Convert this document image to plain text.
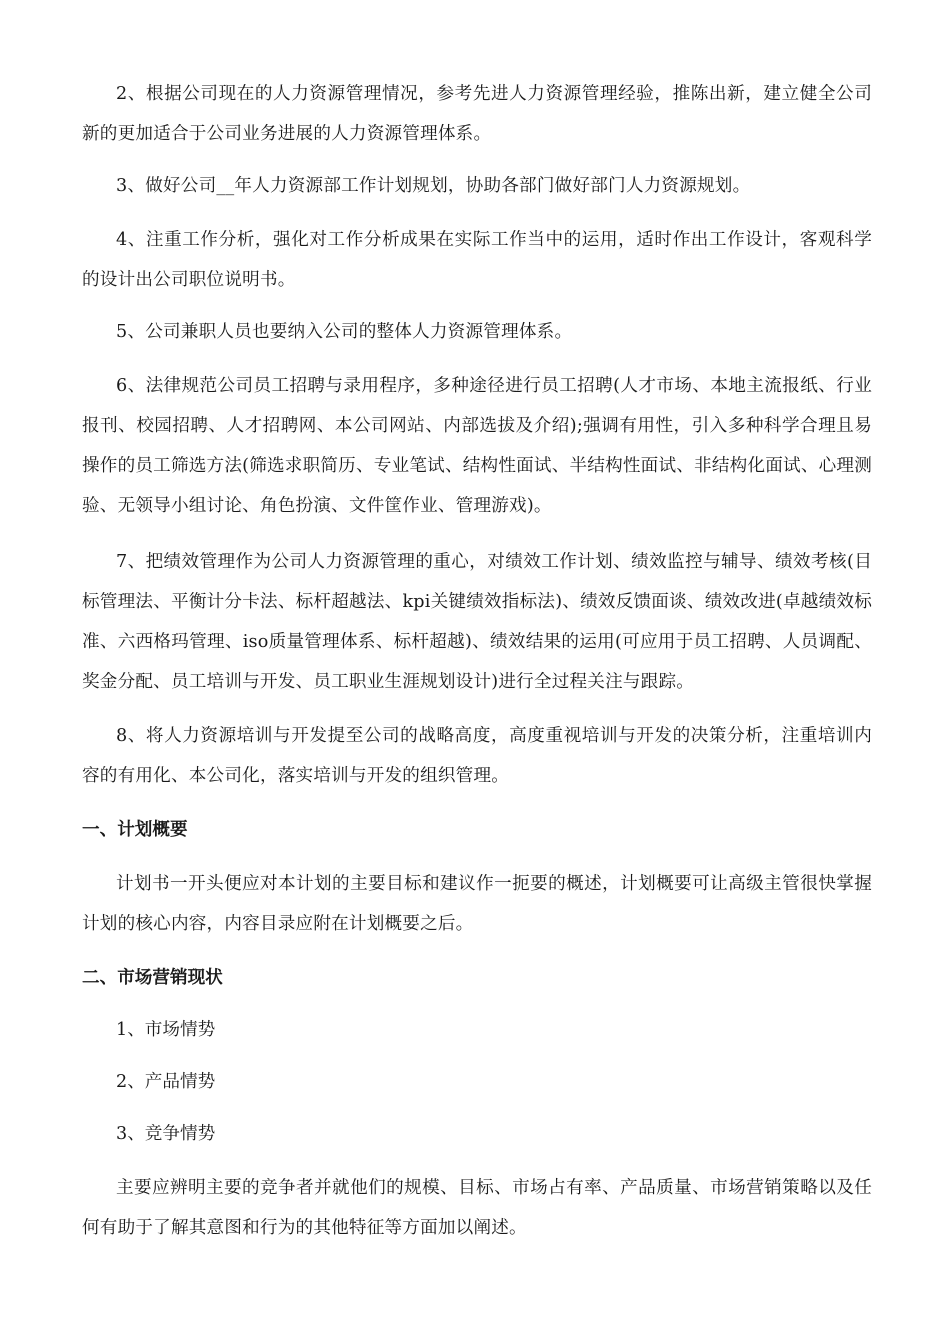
2、根据公司现在的人力资源管理情况，参考先进人力资源管理经验，推陈出新，建立健全公司新的更加适合于公司业务进展的人力资源管理体系。

3、做好公司__年人力资源部工作计划规划，协助各部门做好部门人力资源规划。

4、注重工作分析，强化对工作分析成果在实际工作当中的运用，适时作出工作设计，客观科学的设计出公司职位说明书。

5、公司兼职人员也要纳入公司的整体人力资源管理体系。

6、法律规范公司员工招聘与录用程序，多种途径进行员工招聘(人才市场、本地主流报纸、行业报刊、校园招聘、人才招聘网、本公司网站、内部选拔及介绍);强调有用性，引入多种科学合理且易操作的员工筛选方法(筛选求职简历、专业笔试、结构性面试、半结构性面试、非结构化面试、心理测验、无领导小组讨论、角色扮演、文件筐作业、管理游戏)。

7、把绩效管理作为公司人力资源管理的重心，对绩效工作计划、绩效监控与辅导、绩效考核(目标管理法、平衡计分卡法、标杆超越法、kpi关键绩效指标法)、绩效反馈面谈、绩效改进(卓越绩效标准、六西格玛管理、iso质量管理体系、标杆超越)、绩效结果的运用(可应用于员工招聘、人员调配、奖金分配、员工培训与开发、员工职业生涯规划设计)进行全过程关注与跟踪。

8、将人力资源培训与开发提至公司的战略高度，高度重视培训与开发的决策分析，注重培训内容的有用化、本公司化，落实培训与开发的组织管理。

一、计划概要

计划书一开头便应对本计划的主要目标和建议作一扼要的概述，计划概要可让高级主管很快掌握计划的核心内容，内容目录应附在计划概要之后。

二、市场营销现状

1、市场情势

2、产品情势

3、竞争情势

主要应辨明主要的竞争者并就他们的规模、目标、市场占有率、产品质量、市场营销策略以及任何有助于了解其意图和行为的其他特征等方面加以阐述。
